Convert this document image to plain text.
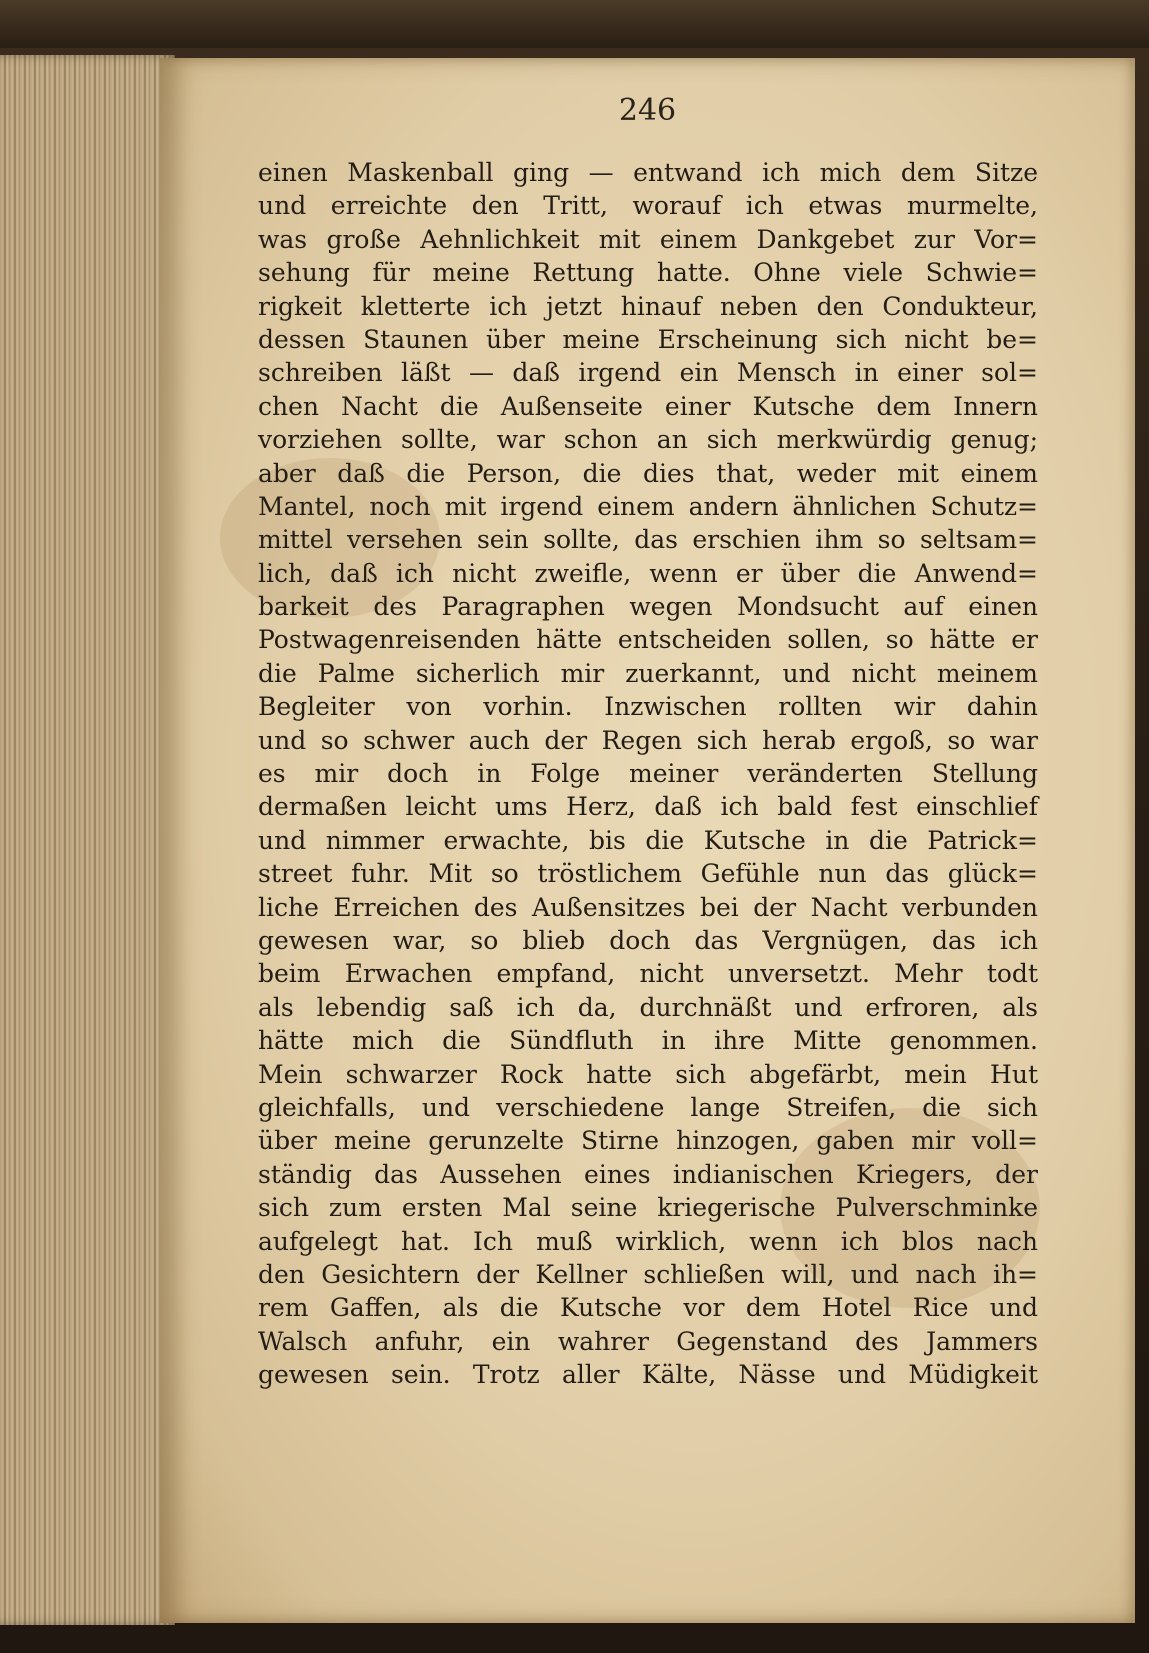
246
einen Maskenball ging — entwand ich mich dem Sitze
und erreichte den Tritt, worauf ich etwas murmelte,
was große Aehnlichkeit mit einem Dankgebet zur Vor=
sehung für meine Rettung hatte. Ohne viele Schwie=
rigkeit kletterte ich jetzt hinauf neben den Condukteur,
dessen Staunen über meine Erscheinung sich nicht be=
schreiben läßt — daß irgend ein Mensch in einer sol=
chen Nacht die Außenseite einer Kutsche dem Innern
vorziehen sollte, war schon an sich merkwürdig genug;
aber daß die Person, die dies that, weder mit einem
Mantel, noch mit irgend einem andern ähnlichen Schutz=
mittel versehen sein sollte, das erschien ihm so seltsam=
lich, daß ich nicht zweifle, wenn er über die Anwend=
barkeit des Paragraphen wegen Mondsucht auf einen
Postwagenreisenden hätte entscheiden sollen, so hätte er
die Palme sicherlich mir zuerkannt, und nicht meinem
Begleiter von vorhin. Inzwischen rollten wir dahin
und so schwer auch der Regen sich herab ergoß, so war
es mir doch in Folge meiner veränderten Stellung
dermaßen leicht ums Herz, daß ich bald fest einschlief
und nimmer erwachte, bis die Kutsche in die Patrick=
street fuhr. Mit so tröstlichem Gefühle nun das glück=
liche Erreichen des Außensitzes bei der Nacht verbunden
gewesen war, so blieb doch das Vergnügen, das ich
beim Erwachen empfand, nicht unversetzt. Mehr todt
als lebendig saß ich da, durchnäßt und erfroren, als
hätte mich die Sündfluth in ihre Mitte genommen.
Mein schwarzer Rock hatte sich abgefärbt, mein Hut
gleichfalls, und verschiedene lange Streifen, die sich
über meine gerunzelte Stirne hinzogen, gaben mir voll=
ständig das Aussehen eines indianischen Kriegers, der
sich zum ersten Mal seine kriegerische Pulverschminke
aufgelegt hat. Ich muß wirklich, wenn ich blos nach
den Gesichtern der Kellner schließen will, und nach ih=
rem Gaffen, als die Kutsche vor dem Hotel Rice und
Walsch anfuhr, ein wahrer Gegenstand des Jammers
gewesen sein. Trotz aller Kälte, Nässe und Müdigkeit
